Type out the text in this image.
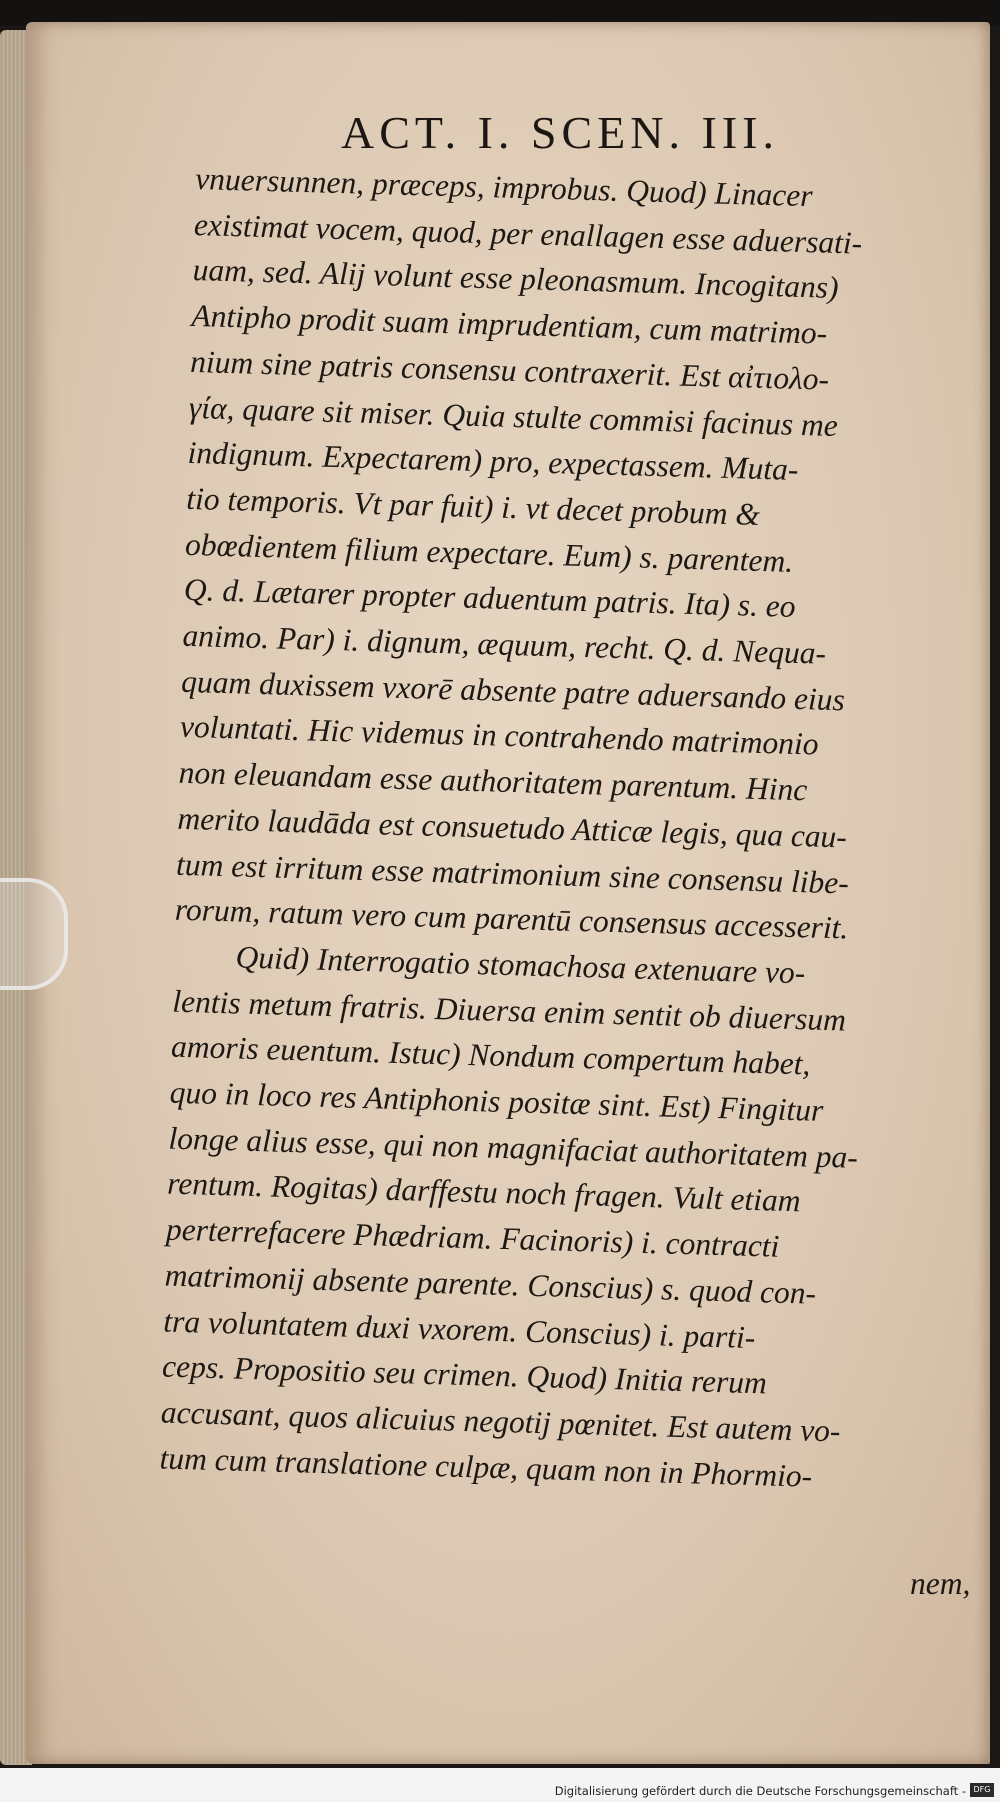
ACT. I. SCEN. III.
vnuersunnen, præceps, improbus. Quod) Linacer
existimat vocem, quod, per enallagen esse aduersati-
uam, sed. Alij volunt esse pleonasmum. Incogitans)
Antipho prodit suam imprudentiam, cum matrimo-
nium sine patris consensu contraxerit. Est αἰτιολο-
γία, quare sit miser. Quia stulte commisi facinus me
indignum. Expectarem) pro, expectassem. Muta-
tio temporis. Vt par fuit) i. vt decet probum &
obœdientem filium expectare. Eum) s. parentem.
Q. d. Lætarer propter aduentum patris. Ita) s. eo
animo. Par) i. dignum, æquum, recht. Q. d. Nequa-
quam duxissem vxorē absente patre aduersando eius
voluntati. Hic videmus in contrahendo matrimonio
non eleuandam esse authoritatem parentum. Hinc
merito laudāda est consuetudo Atticæ legis, qua cau-
tum est irritum esse matrimonium sine consensu libe-
rorum, ratum vero cum parentū consensus accesserit.
Quid) Interrogatio stomachosa extenuare vo-
lentis metum fratris. Diuersa enim sentit ob diuersum
amoris euentum. Istuc) Nondum compertum habet,
quo in loco res Antiphonis positæ sint. Est) Fingitur
longe alius esse, qui non magnifaciat authoritatem pa-
rentum. Rogitas) darffestu noch fragen. Vult etiam
perterrefacere Phædriam. Facinoris) i. contracti
matrimonij absente parente. Conscius) s. quod con-
tra voluntatem duxi vxorem. Conscius) i. parti-
ceps. Propositio seu crimen. Quod) Initia rerum
accusant, quos alicuius negotij pœnitet. Est autem vo-
tum cum translatione culpæ, quam non in Phormio-
nem,
Digitalisierung gefördert durch die Deutsche Forschungsgemeinschaft - DFG
